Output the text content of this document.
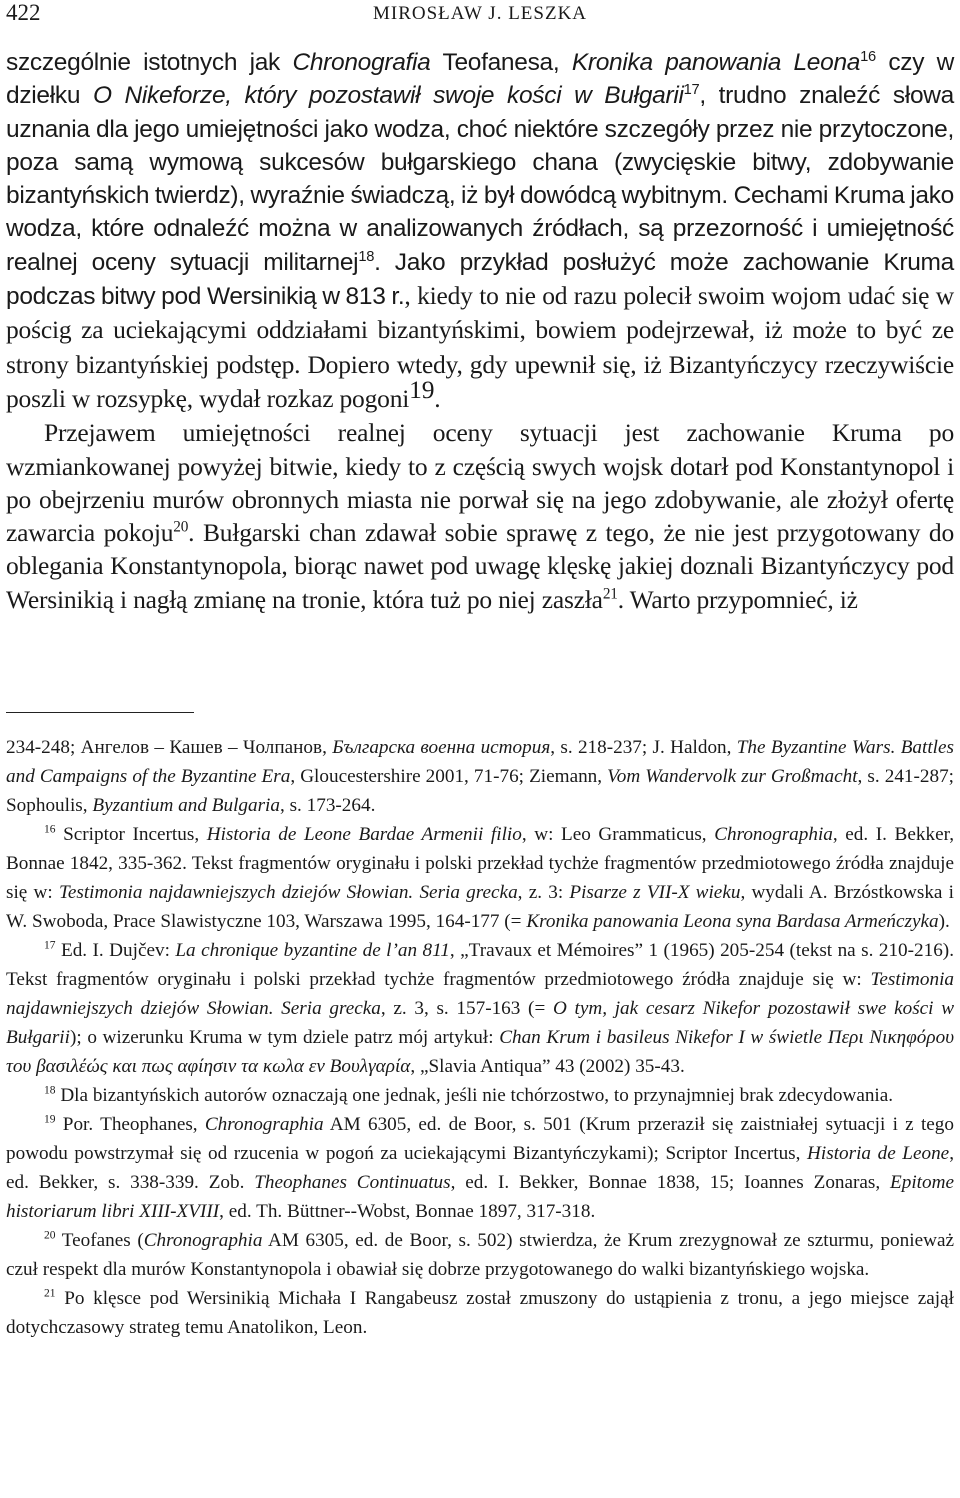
422	MIROSŁAW J. LESZKA

szczególnie istotnych jak Chronografia Teofanesa, Kronika panowania Leona$^{16}$ czy w dziełku O Nikeforze, który pozostawił swoje kości w Bułgarii$^{17}$, trudno znaleźć słowa uznania dla jego umiejętności jako wodza, choć niektóre szczegóły przez nie przytoczone, poza samą wymową sukcesów bułgarskiego chana (zwycięskie bitwy, zdobywanie bizantyńskich twierdz), wyraźnie świadczą, iż był dowódcą wybitnym. Cechami Kruma jako wodza, które odnaleźć można w analizowanych źródłach, są przezorność i umiejętność realnej oceny sytuacji militarnej$^{18}$. Jako przykład posłużyć może zachowanie Kruma podczas bitwy pod Wersinikią w 813 r., kiedy to nie od razu polecił swoim wojom udać się w pościg za uciekającymi oddziałami bizantyńskimi, bowiem podejrzewał, iż może to być ze strony bizantyńskiej podstęp. Dopiero wtedy, gdy upewnił się, iż Bizantyńczycy rzeczywiście poszli w rozsypkę, wydał rozkaz pogoni$^{19}$.

Przejawem umiejętności realnej oceny sytuacji jest zachowanie Kruma po wzmiankowanej powyżej bitwie, kiedy to z częścią swych wojsk dotarł pod Konstantynopol i po obejrzeniu murów obronnych miasta nie porwał się na jego zdobywanie, ale złożył ofertę zawarcia pokoju$^{20}$. Bułgarski chan zdawał sobie sprawę z tego, że nie jest przygotowany do oblegania Konstantynopola, biorąc nawet pod uwagę klęskę jakiej doznali Bizantyńczycy pod Wersinikią i nagłą zmianę na tronie, która tuż po niej zaszła$^{21}$. Warto przypomnieć, iż

234-248; Ангелов – Кашев – Чолпанов, Българска военна история, s. 218-237; J. Haldon, The Byzantine Wars. Battles and Campaigns of the Byzantine Era, Gloucestershire 2001, 71-76; Ziemann, Vom Wandervolk zur Großmacht, s. 241-287; Sophoulis, Byzantium and Bulgaria, s. 173-264.

$^{16}$ Scriptor Incertus, Historia de Leone Bardae Armenii filio, w: Leo Grammaticus, Chronographia, ed. I. Bekker, Bonnae 1842, 335-362. Tekst fragmentów oryginału i polski przekład tychże fragmentów przedmiotowego źródła znajduje się w: Testimonia najdawniejszych dziejów Słowian. Seria grecka, z. 3: Pisarze z VII-X wieku, wydali A. Brzóstkowska i W. Swoboda, Prace Slawistyczne 103, Warszawa 1995, 164-177 (= Kronika panowania Leona syna Bardasa Armeńczyka).

$^{17}$ Ed. I. Dujčev: La chronique byzantine de l’an 811, „Travaux et Mémoires” 1 (1965) 205-254 (tekst na s. 210-216). Tekst fragmentów oryginału i polski przekład tychże fragmentów przedmiotowego źródła znajduje się w: Testimonia najdawniejszych dziejów Słowian. Seria grecka, z. 3, s. 157-163 (= O tym, jak cesarz Nikefor pozostawił swe kości w Bułgarii); o wizerunku Kruma w tym dziele patrz mój artykuł: Chan Krum i basileus Nikefor I w świetle Περι Νικηφόρου του βασιλέώς και πως αφίησιν τα κωλα εν Βουλγαρία, „Slavia Antiqua” 43 (2002) 35-43.

$^{18}$ Dla bizantyńskich autorów oznaczają one jednak, jeśli nie tchórzostwo, to przynajmniej brak zdecydowania.

$^{19}$ Por. Theophanes, Chronographia AM 6305, ed. de Boor, s. 501 (Krum przeraził się zaistniałej sytuacji i z tego powodu powstrzymał się od rzucenia w pogoń za uciekającymi Bizantyńczykami); Scriptor Incertus, Historia de Leone, ed. Bekker, s. 338-339. Zob. Theophanes Continuatus, ed. I. Bekker, Bonnae 1838, 15; Ioannes Zonaras, Epitome historiarum libri XIII-XVIII, ed. Th. Büttner--Wobst, Bonnae 1897, 317-318.

$^{20}$ Teofanes (Chronographia AM 6305, ed. de Boor, s. 502) stwierdza, że Krum zrezygnował ze szturmu, ponieważ czuł respekt dla murów Konstantynopola i obawiał się dobrze przygotowanego do walki bizantyńskiego wojska.

$^{21}$ Po klęsce pod Wersinikią Michała I Rangabeusz został zmuszony do ustąpienia z tronu, a jego miejsce zajął dotychczasowy strateg temu Anatolikon, Leon.
